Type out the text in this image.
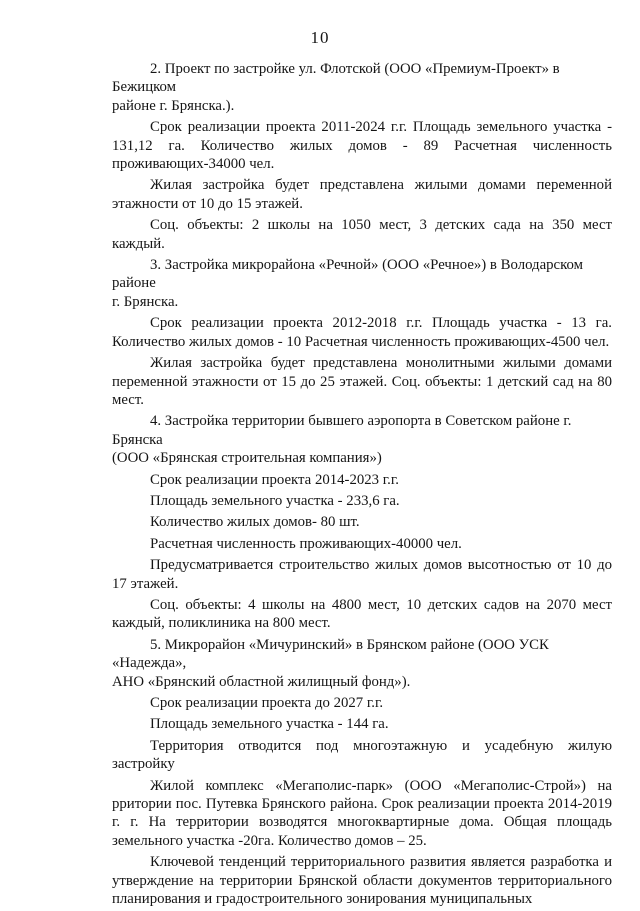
10

2. Проект по застройке ул. Флотской (ООО «Премиум-Проект» в Бежицком

районе г. Брянска.).

Срок реализации проекта 2011-2024 г.г. Площадь земельного участка - 131,12 га. Количество жилых домов - 89 Расчетная численность проживающих-34000 чел.

Жилая застройка будет представлена жилыми домами переменной этажности от 10 до 15 этажей.

Соц. объекты: 2 школы на 1050 мест, 3 детских сада на 350 мест каждый.

3. Застройка микрорайона «Речной» (ООО «Речное») в Володарском районе

г. Брянска.

Срок реализации проекта 2012-2018 г.г. Площадь участка - 13 га. Количество жилых домов - 10 Расчетная численность проживающих-4500 чел.

Жилая застройка будет представлена монолитными жилыми домами переменной этажности от 15 до 25 этажей. Соц. объекты: 1 детский сад на 80 мест.

4. Застройка территории бывшего аэропорта в Советском районе г. Брянска

(ООО «Брянская строительная компания»)

Срок реализации проекта 2014-2023 г.г.

Площадь земельного участка - 233,6 га.

Количество жилых домов- 80 шт.

Расчетная численность проживающих-40000 чел.

Предусматривается строительство жилых домов высотностью от 10 до 17 этажей.

Соц. объекты: 4 школы на 4800 мест, 10 детских садов на 2070 мест каждый, поликлиника на 800 мест.

5. Микрорайон «Мичуринский» в Брянском районе (ООО УСК «Надежда»,

АНО «Брянский областной жилищный фонд»).

Срок реализации проекта до 2027 г.г.

Площадь земельного участка - 144 га.

Территория отводится под многоэтажную и усадебную жилую застройку

Жилой комплекс «Мегаполис-парк» (ООО «Мегаполис-Строй») на рритории пос. Путевка Брянского района. Срок реализации проекта 2014-2019 г. г. На территории возводятся многоквартирные дома. Общая площадь земельного участка -20га. Количество домов – 25.

Ключевой тенденций территориального развития является разработка и утверждение на территории Брянской области документов территориального планирования и градостроительного зонирования муниципальных
